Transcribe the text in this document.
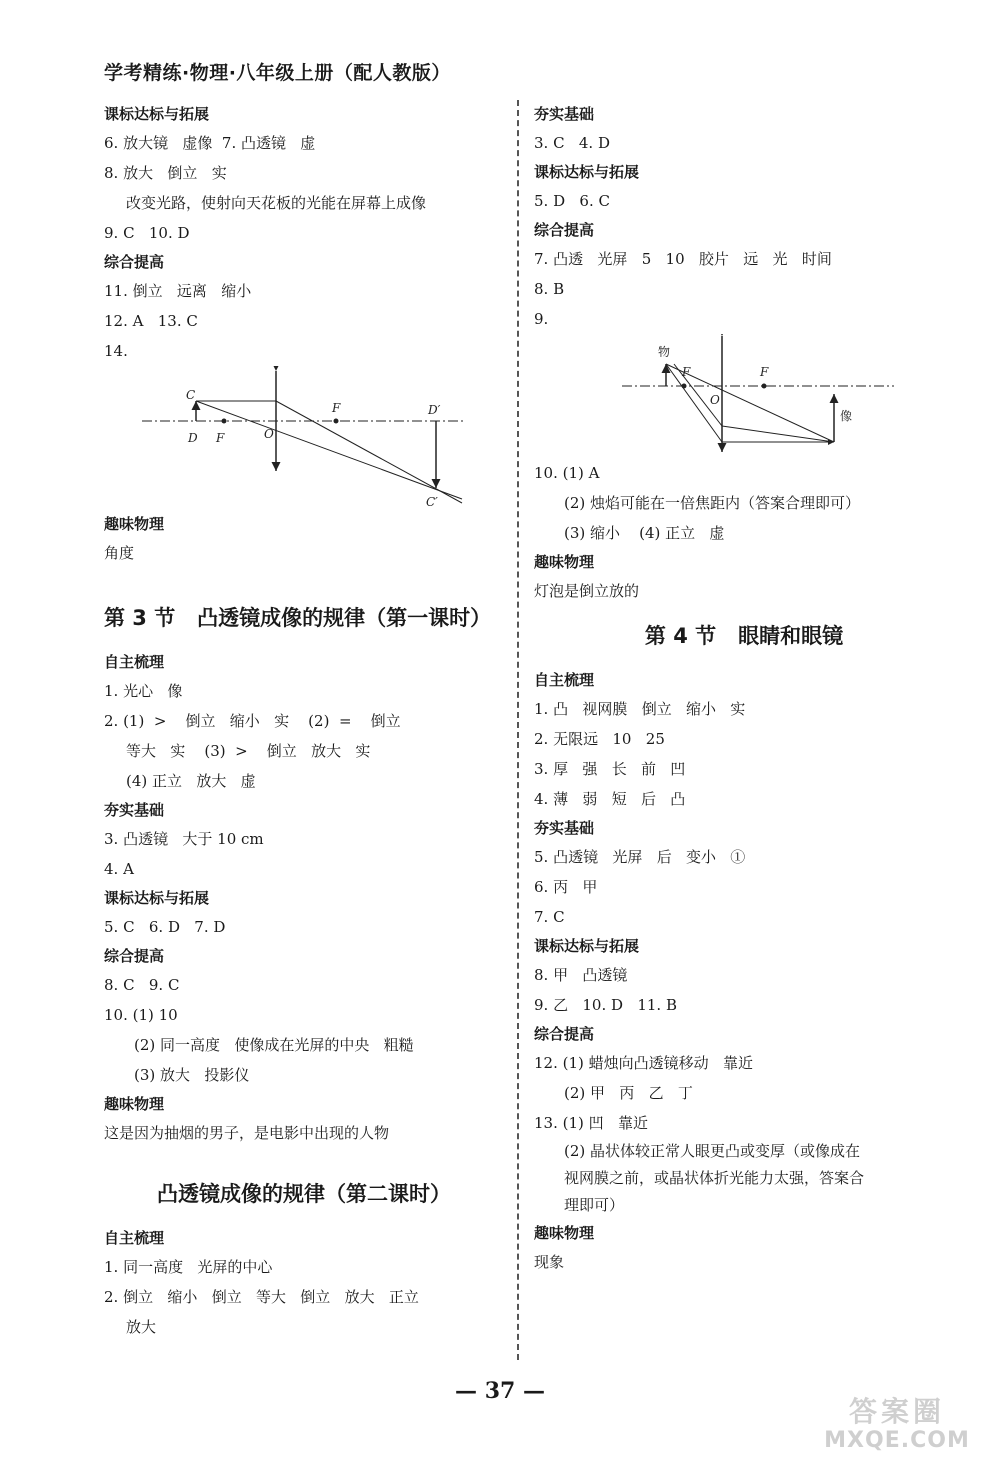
学考精练·物理·八年级上册（配人教版）
课标达标与拓展
6. 放大镜   虚像  7. 凸透镜   虚
8. 放大   倒立   实
改变光路，使射向天花板的光能在屏幕上成像
9. C   10. D
综合提高
11. 倒立   远离   缩小
12. A   13. C
14.
C
D F	O
F	D′
C′
趣味物理
角度
第 3 节   凸透镜成像的规律（第一课时）
自主梳理
1. 光心   像
2. (1)  >    倒立   缩小   实    (2)  =    倒立
等大   实    (3)  >    倒立   放大   实
(4) 正立   放大   虚
夯实基础
3. 凸透镜   大于 10 cm
4. A
课标达标与拓展
5. C   6. D   7. D
综合提高
8. C   9. C
10. (1) 10
(2) 同一高度   使像成在光屏的中央   粗糙
(3) 放大   投影仪
趣味物理
这是因为抽烟的男子，是电影中出现的人物
凸透镜成像的规律（第二课时）
自主梳理
1. 同一高度   光屏的中心
2. 倒立   缩小   倒立   等大   倒立   放大   正立
放大
夯实基础
3. C   4. D
课标达标与拓展
5. D   6. C
综合提高
7. 凸透   光屏   5   10   胶片   远   光   时间
8. B
9.
物
F
O
F
像
10. (1) A
(2) 烛焰可能在一倍焦距内（答案合理即可）
(3) 缩小    (4) 正立   虚
趣味物理
灯泡是倒立放的
第 4 节   眼睛和眼镜
自主梳理
1. 凸   视网膜   倒立   缩小   实
2. 无限远   10   25
3. 厚   强   长   前   凹
4. 薄   弱   短   后   凸
夯实基础
5. 凸透镜   光屏   后   变小   ①
6. 丙   甲
7. C
课标达标与拓展
8. 甲   凸透镜
9. 乙   10. D   11. B
综合提高
12. (1) 蜡烛向凸透镜移动   靠近
(2) 甲   丙   乙   丁
13. (1) 凹   靠近
(2) 晶状体较正常人眼更凸或变厚（或像成在
视网膜之前，或晶状体折光能力太强，答案合
理即可）
趣味物理
现象
— 37 —
答案圈
MXQE.COM
